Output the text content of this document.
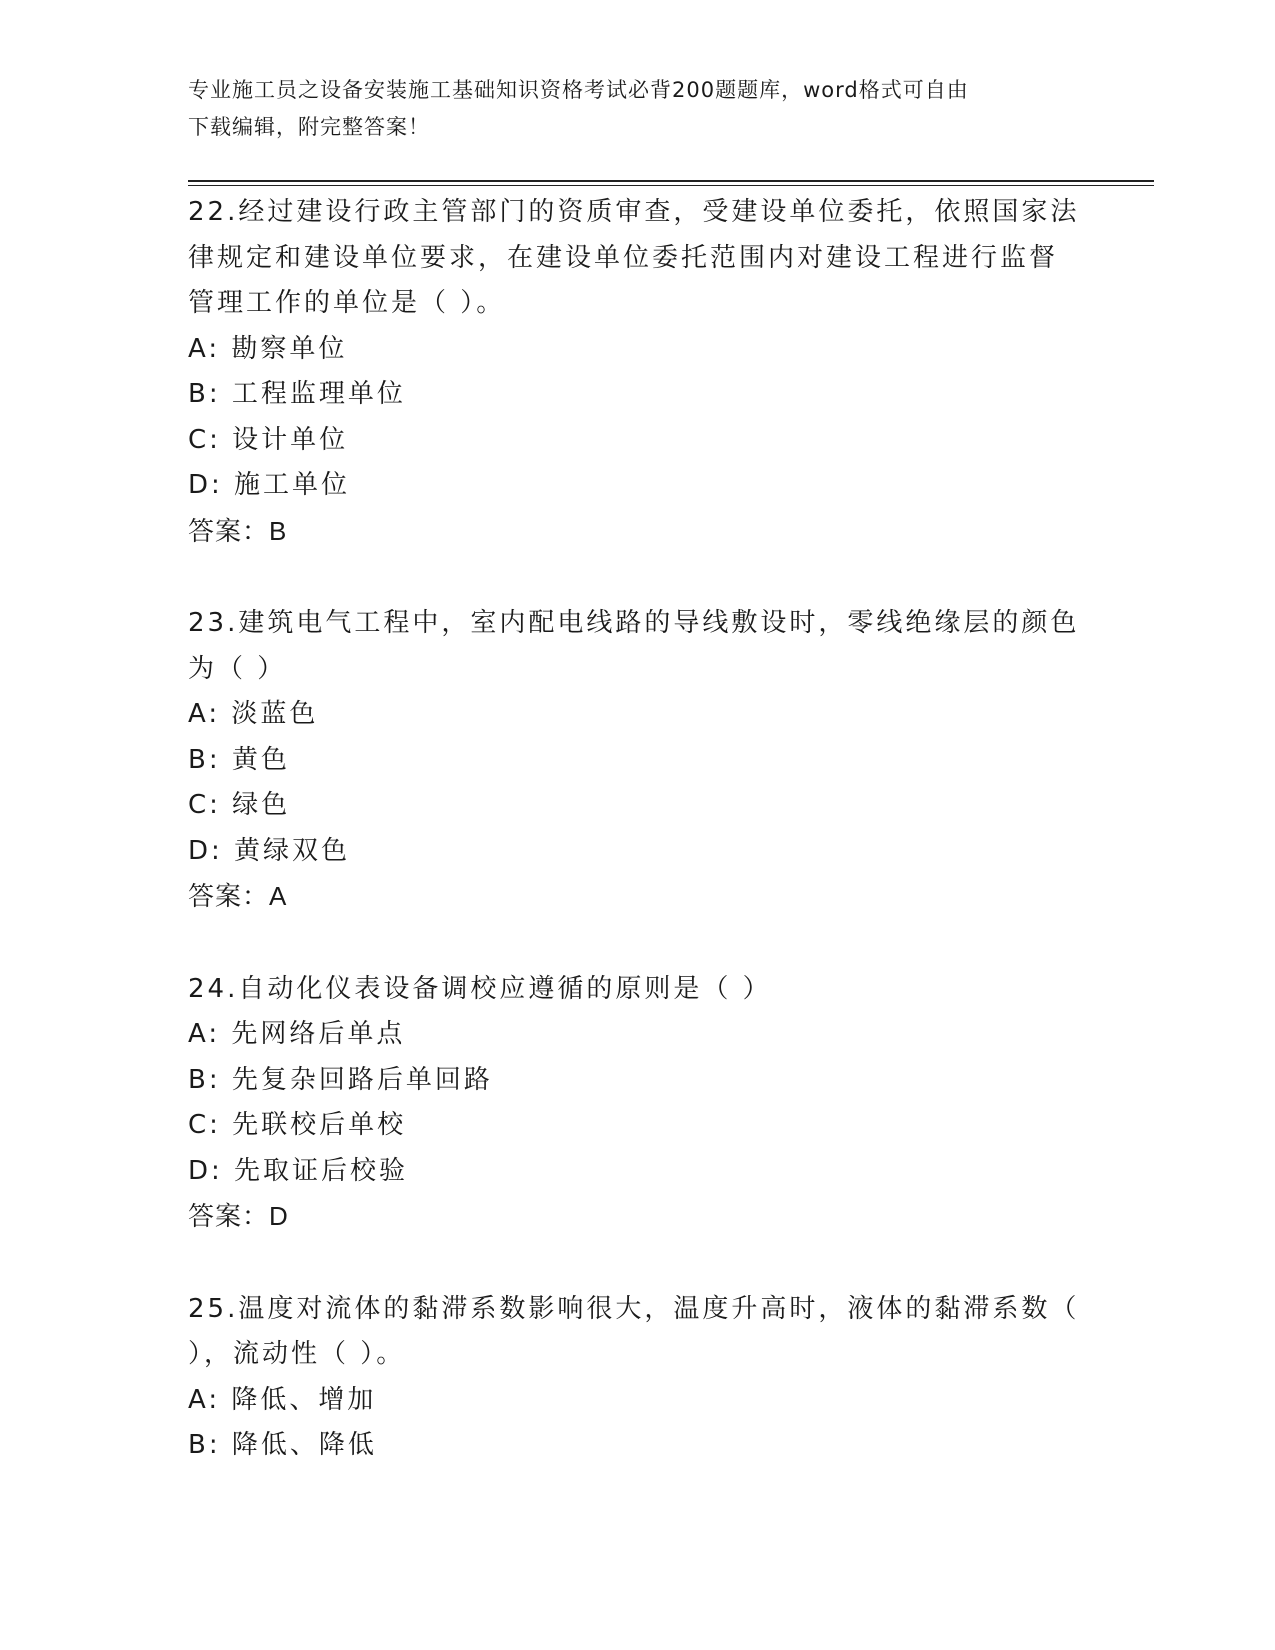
专业施工员之设备安装施工基础知识资格考试必背200题题库，word格式可自由
下载编辑，附完整答案！
22.经过建设行政主管部门的资质审查，受建设单位委托，依照国家法
律规定和建设单位要求，在建设单位委托范围内对建设工程进行监督
管理工作的单位是（ ）。
A: 勘察单位
B: 工程监理单位
C: 设计单位
D: 施工单位
答案：B
23.建筑电气工程中，室内配电线路的导线敷设时，零线绝缘层的颜色
为（ ）
A: 淡蓝色
B: 黄色
C: 绿色
D: 黄绿双色
答案：A
24.自动化仪表设备调校应遵循的原则是（ ）
A: 先网络后单点
B: 先复杂回路后单回路
C: 先联校后单校
D: 先取证后校验
答案：D
25.温度对流体的黏滞系数影响很大，温度升高时，液体的黏滞系数（
），流动性（ ）。
A: 降低、增加
B: 降低、降低
